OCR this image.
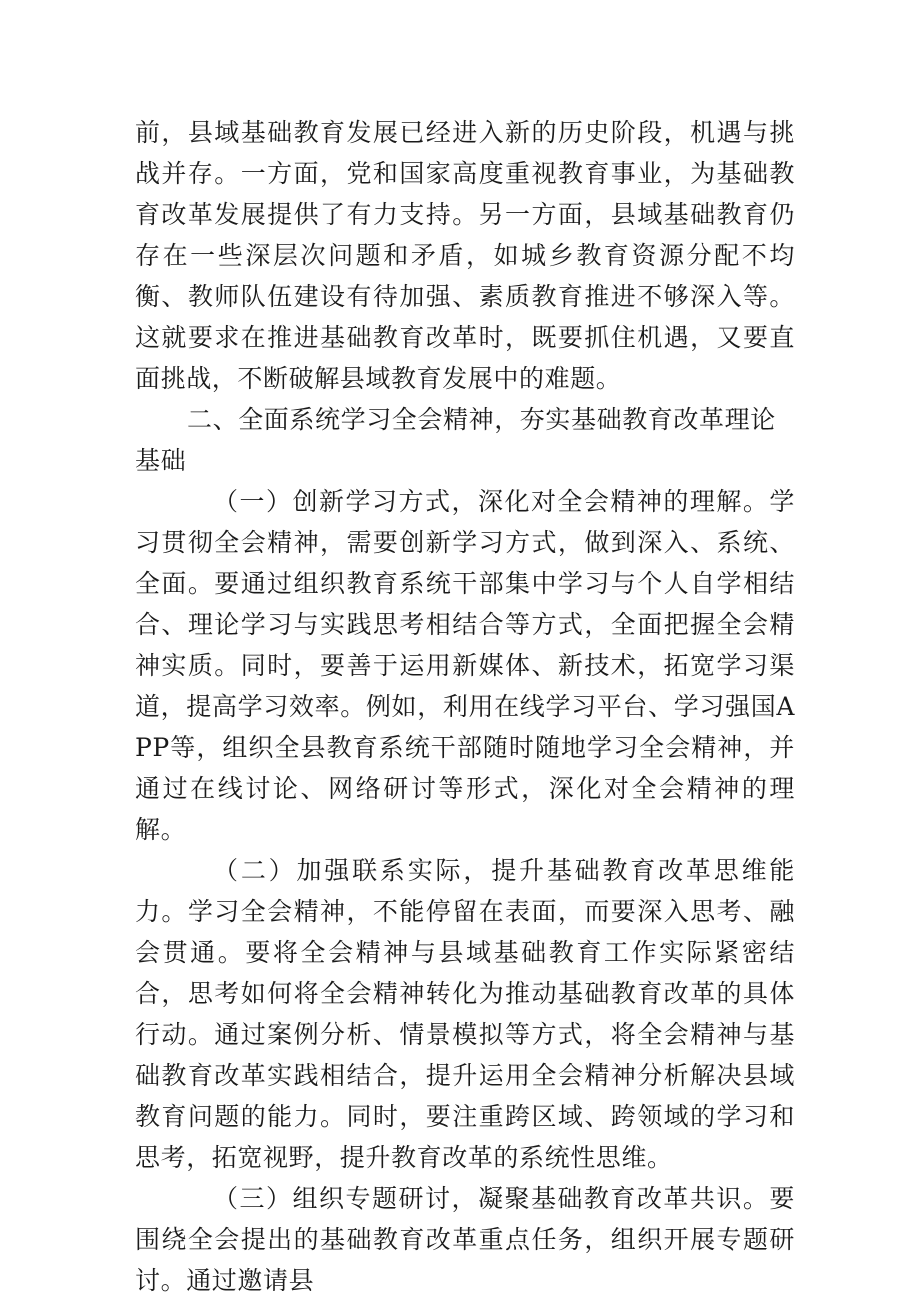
前，县域基础教育发展已经进入新的历史阶段，机遇与挑战并存。一方面，党和国家高度重视教育事业，为基础教育改革发展提供了有力支持。另一方面，县域基础教育仍存在一些深层次问题和矛盾，如城乡教育资源分配不均衡、教师队伍建设有待加强、素质教育推进不够深入等。这就要求在推进基础教育改革时，既要抓住机遇，又要直面挑战，不断破解县域教育发展中的难题。

二、全面系统学习全会精神，夯实基础教育改革理论基础

（一）创新学习方式，深化对全会精神的理解。学习贯彻全会精神，需要创新学习方式，做到深入、系统、全面。要通过组织教育系统干部集中学习与个人自学相结合、理论学习与实践思考相结合等方式，全面把握全会精神实质。同时，要善于运用新媒体、新技术，拓宽学习渠道，提高学习效率。例如，利用在线学习平台、学习强国APP等，组织全县教育系统干部随时随地学习全会精神，并通过在线讨论、网络研讨等形式，深化对全会精神的理解。

（二）加强联系实际，提升基础教育改革思维能力。学习全会精神，不能停留在表面，而要深入思考、融会贯通。要将全会精神与县域基础教育工作实际紧密结合，思考如何将全会精神转化为推动基础教育改革的具体行动。通过案例分析、情景模拟等方式，将全会精神与基础教育改革实践相结合，提升运用全会精神分析解决县域教育问题的能力。同时，要注重跨区域、跨领域的学习和思考，拓宽视野，提升教育改革的系统性思维。

（三）组织专题研讨，凝聚基础教育改革共识。要围绕全会提出的基础教育改革重点任务，组织开展专题研讨。通过邀请县
